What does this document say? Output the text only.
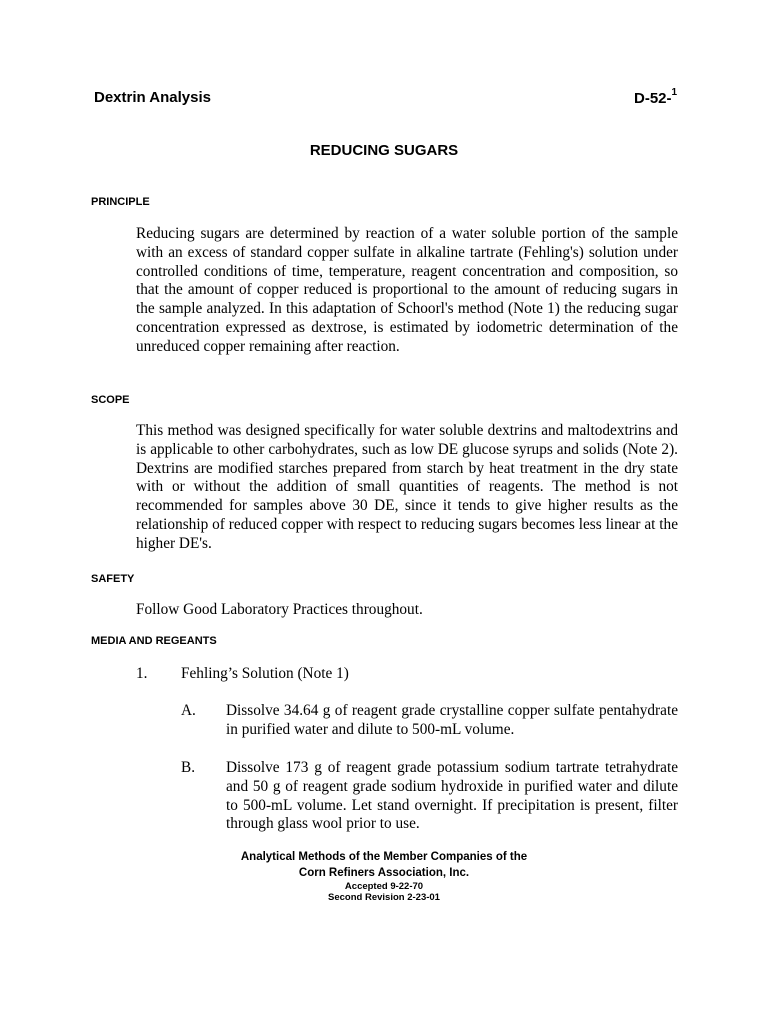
Dextrin Analysis	D-52-$^1$
REDUCING SUGARS
PRINCIPLE
Reducing sugars are determined by reaction of a water soluble portion of the sample with an excess of standard copper sulfate in alkaline tartrate (Fehling's) solution under controlled conditions of time, temperature, reagent concentration and composition, so that the amount of copper reduced is proportional to the amount of reducing sugars in the sample analyzed. In this adaptation of Schoorl's method (Note 1) the reducing sugar concentration expressed as dextrose, is estimated by iodometric determination of the unreduced copper remaining after reaction.
SCOPE
This method was designed specifically for water soluble dextrins and maltodextrins and is applicable to other carbohydrates, such as low DE glucose syrups and solids (Note 2). Dextrins are modified starches prepared from starch by heat treatment in the dry state with or without the addition of small quantities of reagents. The method is not recommended for samples above 30 DE, since it tends to give higher results as the relationship of reduced copper with respect to reducing sugars becomes less linear at the higher DE's.
SAFETY
Follow Good Laboratory Practices throughout.
MEDIA AND REGEANTS
1. Fehling’s Solution (Note 1)
A. Dissolve 34.64 g of reagent grade crystalline copper sulfate pentahydrate in purified water and dilute to 500-mL volume.
B. Dissolve 173 g of reagent grade potassium sodium tartrate tetrahydrate and 50 g of reagent grade sodium hydroxide in purified water and dilute to 500-mL volume. Let stand overnight. If precipitation is present, filter through glass wool prior to use.
Analytical Methods of the Member Companies of the
Corn Refiners Association, Inc.
Accepted 9-22-70
Second Revision 2-23-01
